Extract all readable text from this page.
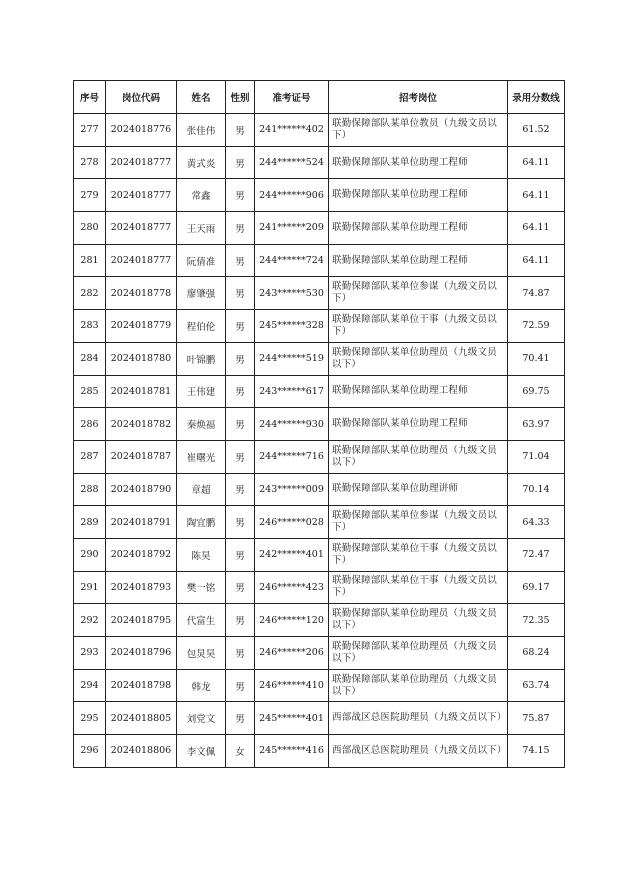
序号	岗位代码	姓名	性别	准考证号	招考岗位	录用分数线
277	2024018776	张佳伟	男	241******402	联勤保障部队某单位教员（九级文员以下）	61.52
278	2024018777	黄式炎	男	244******524	联勤保障部队某单位助理工程师	64.11
279	2024018777	常鑫	男	244******906	联勤保障部队某单位助理工程师	64.11
280	2024018777	王天雨	男	241******209	联勤保障部队某单位助理工程师	64.11
281	2024018777	阮倩准	男	244******724	联勤保障部队某单位助理工程师	64.11
282	2024018778	廖肇强	男	243******530	联勤保障部队某单位参谋（九级文员以下）	74.87
283	2024018779	程伯伦	男	245******328	联勤保障部队某单位干事（九级文员以下）	72.59
284	2024018780	叶锦鹏	男	244******519	联勤保障部队某单位助理员（九级文员以下）	70.41
285	2024018781	王伟建	男	243******617	联勤保障部队某单位助理工程师	69.75
286	2024018782	秦焕福	男	244******930	联勤保障部队某单位助理工程师	63.97
287	2024018787	崔曙光	男	244******716	联勤保障部队某单位助理员（九级文员以下）	71.04
288	2024018790	章超	男	243******009	联勤保障部队某单位助理讲师	70.14
289	2024018791	陶宜鹏	男	246******028	联勤保障部队某单位参谋（九级文员以下）	64.33
290	2024018792	陈昊	男	242******401	联勤保障部队某单位干事（九级文员以下）	72.47
291	2024018793	樊一铭	男	246******423	联勤保障部队某单位干事（九级文员以下）	69.17
292	2024018795	代富生	男	246******120	联勤保障部队某单位助理员（九级文员以下）	72.35
293	2024018796	包炅昊	男	246******206	联勤保障部队某单位助理员（九级文员以下）	68.24
294	2024018798	韩龙	男	246******410	联勤保障部队某单位助理员（九级文员以下）	63.74
295	2024018805	刘党文	男	245******401	西部战区总医院助理员（九级文员以下）	75.87
296	2024018806	李文佩	女	245******416	西部战区总医院助理员（九级文员以下）	74.15
